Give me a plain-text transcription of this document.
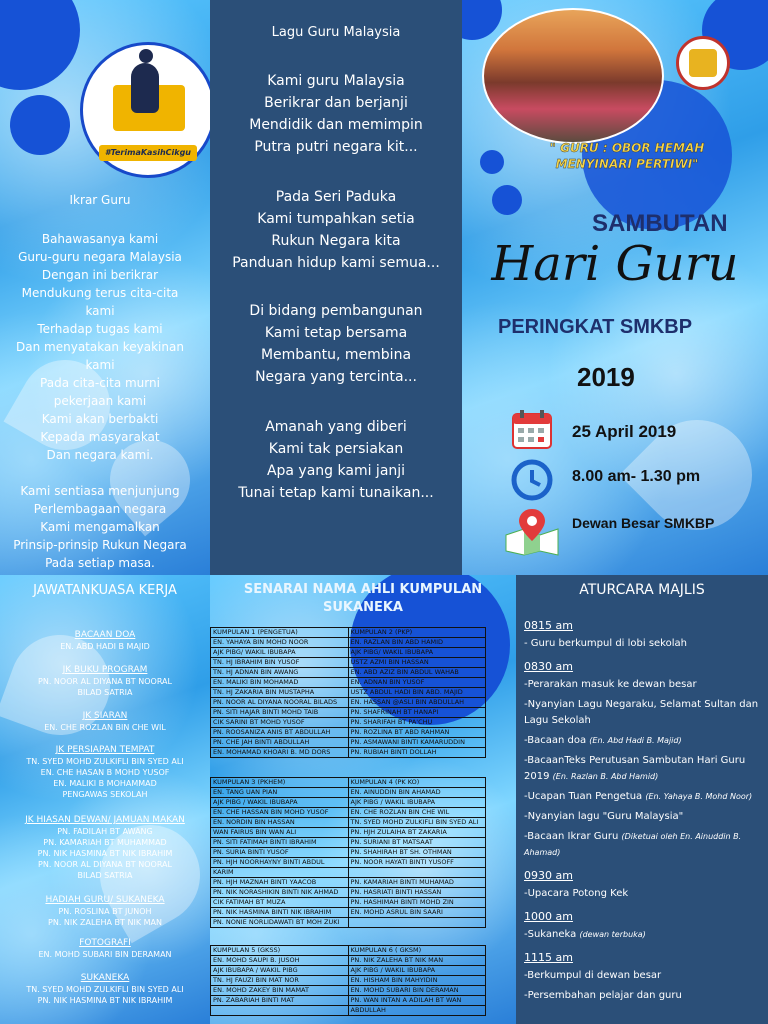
#TerimaKasihCikgu
Ikrar Guru
Bahawasanya kami
Guru-guru negara Malaysia
Dengan ini berikrar
Mendukung terus cita-cita
kami
Terhadap tugas kami
Dan menyatakan keyakinan
kami
Pada cita-cita murni
pekerjaan kami
Kami akan berbakti
Kepada masyarakat
Dan negara kami.
Kami sentiasa menjunjung
Perlembagaan negara
Kami mengamalkan
Prinsip-prinsip Rukun Negara
Pada setiap masa.
Lagu Guru Malaysia
Kami guru Malaysia
Berikrar dan berjanji
Mendidik dan memimpin
Putra putri negara kit...
Pada Seri Paduka
Kami tumpahkan setia
Rukun Negara kita
Panduan hidup kami semua...
Di bidang pembangunan
Kami tetap bersama
Membantu, membina
Negara yang tercinta...
Amanah yang diberi
Kami tak persiakan
Apa yang kami janji
Tunai tetap kami tunaikan...
" GURU : OBOR HEMAH
MENYINARI PERTIWI"
SAMBUTAN
Hari Guru
PERINGKAT SMKBP
2019
25 April 2019
8.00 am- 1.30 pm
Dewan Besar SMKBP
JAWATANKUASA KERJA
BACAAN DOA
EN. ABD HADI B MAJID
JK BUKU PROGRAM
PN. NOOR AL DIYANA BT NOORAL
BILAD SATRIA
JK SIARAN
EN. CHE ROZLAN BIN CHE WIL
JK PERSIAPAN TEMPAT
TN. SYED MOHD ZULKIFLI BIN SYED ALI
EN. CHE HASAN B MOHD YUSOF
EN. MALIKI B MOHAMMAD
PENGAWAS SEKOLAH
JK HIASAN DEWAN/ JAMUAN MAKAN
PN. FADILAH BT AWANG
PN. KAMARIAH BT MUHAMMAD
PN. NIK HASMINA BT NIK IBRAHIM
PN. NOOR AL DIYANA BT NOORAL
BILAD SATRIA
HADIAH GURU/ SUKANEKA
PN. ROSLINA BT JUNOH
PN. NIK ZALEHA BT NIK MAN
FOTOGRAFI
EN. MOHD SUBARI BIN DERAMAN
SUKANEKA
TN. SYED MOHD ZULKIFLI BIN SYED ALI
PN. NIK HASMINA BT NIK IBRAHIM
SENARAI NAMA AHLI KUMPULAN
SUKANEKA
KUMPULAN 1 (PENGETUA)	KUMPULAN 2 (PKP)
EN. YAHAYA BIN MOHD NOOR	EN. RAZLAN BIN ABD HAMID
AJK PIBG/ WAKIL IBUBAPA	AJK PIBG/ WAKIL IBUBAPA
TN. HJ IBRAHIM BIN YUSOF	USTZ AZMI BIN HASSAN
TN. HJ ADNAN BIN AWANG	EN. ABD AZIZ BIN ABDUL WAHAB
EN. MALIKI BIN MOHAMAD	EN. ADNAN BIN YUSOF
TN. HJ ZAKARIA BIN MUSTAPHA	USTZ ABDUL HADI BIN ABD. MAJID
PN. NOOR AL DIYANA NOORAL BILADS	EN. HASSAN @ASLI BIN ABDULLAH
PN. SITI HAJAR BINTI MOHD TAIB	PN. SHAFRINAH BT HANAPI
CIK SARINI BT MOHD YUSOF	PN. SHARIFAH BT PA'CHU
PN. ROOSANIZA ANIS BT ABDULLAH	PN. ROZLINA BT ABD RAHMAN
PN. CHE JAH BINTI ABDULLAH	PN. ASMAWANI BINTI KAMARUDDIN
EN. MOHAMAD KHOARI B. MD DORS	PN. RUBIAH BINTI DOLLAH
KUMPULAN 3 (PKHEM)	KUMPULAN 4 (PK KO)
EN. TANG UAN PIAN	EN. AINUDDIN BIN AHAMAD
AJK PIBG / WAKIL IBUBAPA	AJK PIBG / WAKIL IBUBAPA
EN. CHE HASSAN BIN MOHD YUSOF	EN. CHE ROZLAN BIN CHE WIL
EN. NORDIN BIN HASSAN	TN. SYED MOHD ZULKIFLI BIN SYED ALI
WAN FAIRUS BIN WAN ALI	PN. HJH ZULAIHA BT ZAKARIA
PN. SITI FATIMAH BINTI IBRAHIM	PN. SURIANI BT MATSAAT
PN. SURIA BINTI YUSOF	PN. SHAHIRAH BT SH. OTHMAN
PN. HJH NOORHAYNY BINTI ABDUL	PN. NOOR HAYATI BINTI YUSOFF
KARIM	
PN. HJH MAZNAH BINTI YAACOB	PN. KAMARIAH BINTI MUHAMAD
PN. NIK NORASHIKIN BINTI NIK AHMAD	PN. HASRIATI BINTI HASSAN
CIK FATIMAH BT MUZA	PN. HASHIMAH BINTI MOHD ZIN
PN. NIK HASMINA BINTI NIK IBRAHIM	EN. MOHD ASRUL BIN SAARI
PN. NONIE NORLIDAWATI BT MOH ZUKI	
KUMPULAN 5 (GKSS)	KUMPULAN 6 ( GKSM)
EN. MOHD SAUPI B. JUSOH	PN. NIK ZALEHA BT NIK MAN
AJK IBUBAPA / WAKIL PIBG	AJK PIBG / WAKIL IBUBAPA
TN. HJ FAUZI BIN MAT NOR	EN. HISHAM BIN MAHYIDIN
EN. MOHD ZAKEY BIN MAMAT	EN. MOHD SUBARI BIN DERAMAN
PN. ZABARIAH BINTI MAT	PN. WAN INTAN A ADILAH BT WAN
	ABDULLAH
ATURCARA MAJLIS
0815 am
- Guru berkumpul di lobi sekolah
0830 am
-Perarakan masuk ke dewan besar
-Nyanyian Lagu Negaraku, Selamat Sultan dan Lagu Sekolah
-Bacaan doa (En. Abd Hadi B. Majid)
-BacaanTeks Perutusan Sambutan Hari Guru 2019 (En. Razlan B. Abd Hamid)
-Ucapan Tuan Pengetua (En. Yahaya B. Mohd Noor)
-Nyanyian lagu "Guru Malaysia"
-Bacaan Ikrar Guru (Diketuai oleh En. Ainuddin B. Ahamad)
0930 am
-Upacara Potong Kek
1000 am
-Sukaneka (dewan terbuka)
1115 am
-Berkumpul di dewan besar
-Persembahan pelajar dan guru
